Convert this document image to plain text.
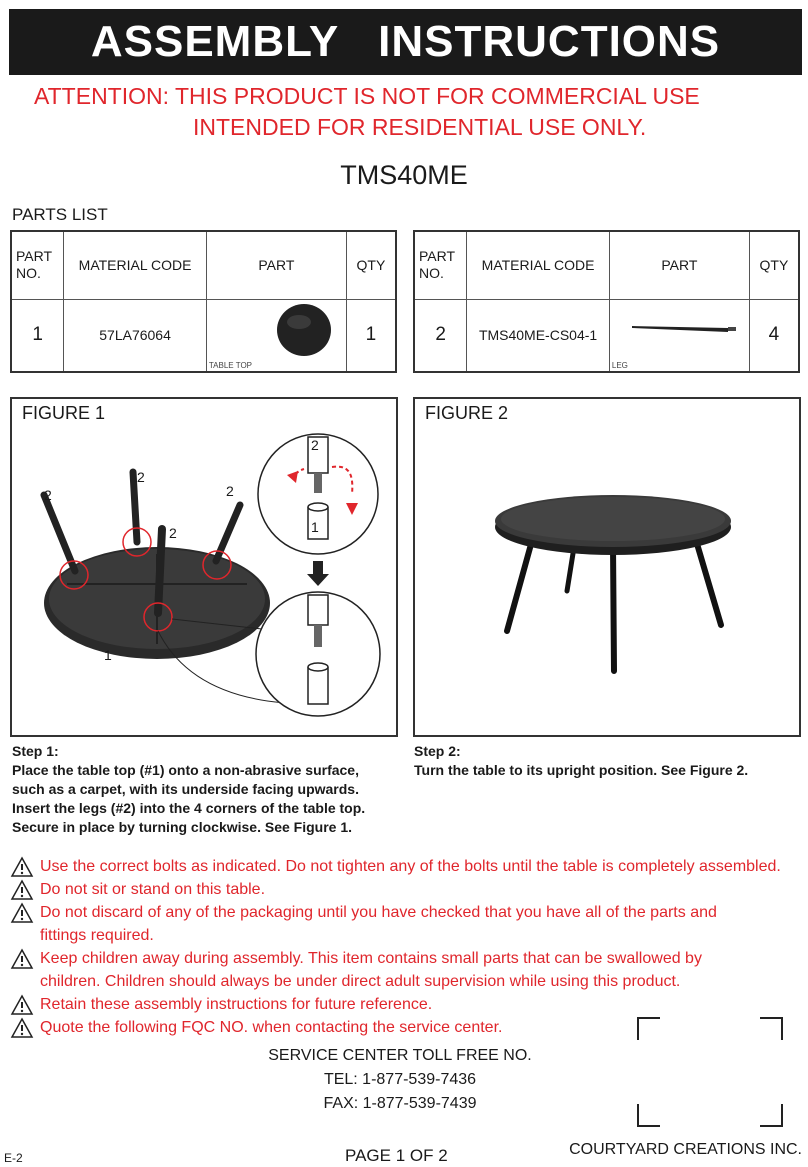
ASSEMBLY   INSTRUCTIONS
ATTENTION: THIS PRODUCT IS NOT FOR COMMERCIAL USE
INTENDED FOR RESIDENTIAL USE ONLY.
TMS40ME
PARTS LIST
PART NO.	MATERIAL CODE	PART	QTY
1	57LA76064	TABLE TOP	1
PART NO.	MATERIAL CODE	PART	QTY
2	TMS40ME-CS04-1	LEG	4
FIGURE 1
2
2
2
2
2
1
1
FIGURE 2
Step 1:
Place the table top (#1) onto a non-abrasive surface,
such as a carpet, with its underside facing upwards.
Insert the legs (#2) into the 4 corners of the table top.
Secure in place by turning clockwise. See Figure 1.
Step 2:
Turn the table to its upright position. See Figure 2.
Use the correct bolts as indicated. Do not tighten any of the bolts until the table is completely assembled.
Do not sit or stand on this table.
Do not discard of any of the packaging until you have checked that you have all of the parts and
fittings required.
Keep children away during assembly. This item contains small parts that can be swallowed by
children. Children should always be under direct adult supervision while using this product.
Retain these assembly instructions for future reference.
Quote the following FQC NO. when contacting the service center.
SERVICE CENTER TOLL FREE NO.
TEL: 1-877-539-7436
FAX: 1-877-539-7439
E-2	PAGE 1 OF 2	COURTYARD CREATIONS INC.
